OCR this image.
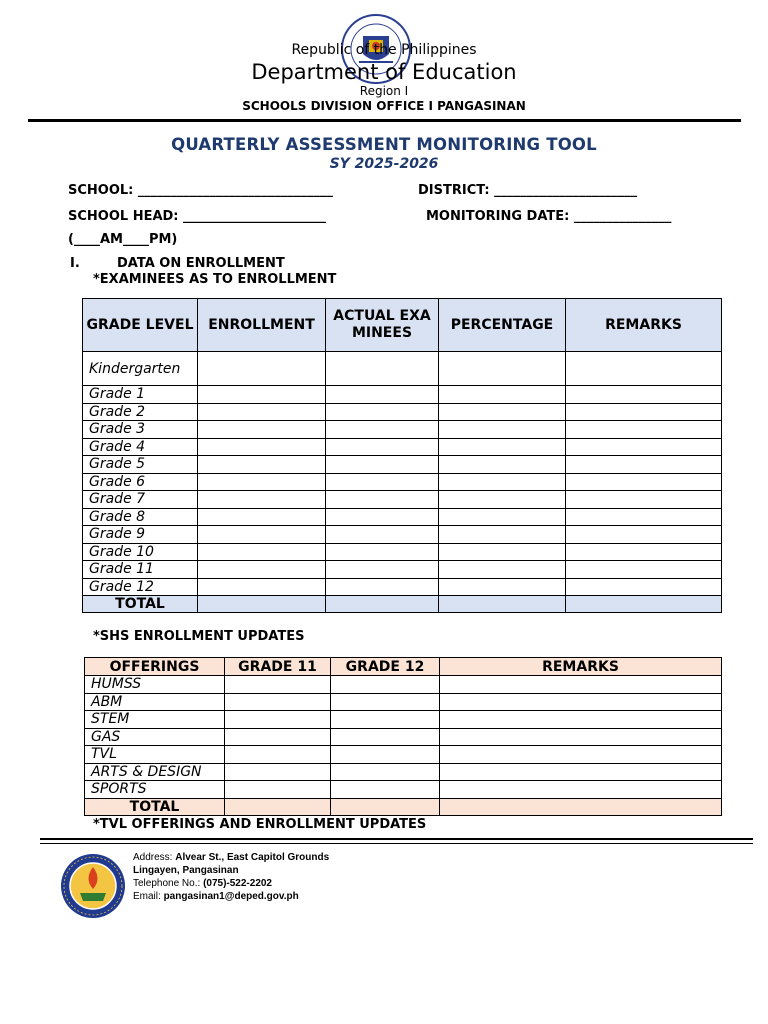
Republic of the Philippines
Department of Education
Region I
SCHOOLS DIVISION OFFICE I PANGASINAN
QUARTERLY ASSESSMENT MONITORING TOOL
SY 2025-2026
SCHOOL: ______________________________	DISTRICT: ______________________
SCHOOL HEAD: ______________________	MONITORING DATE: _______________
(____AM____PM)
I.	DATA ON ENROLLMENT
*EXAMINEES AS TO ENROLLMENT
GRADE LEVEL	ENROLLMENT	ACTUAL EXAMINEES	PERCENTAGE	REMARKS
Kindergarten				
Grade 1				
Grade 2				
Grade 3				
Grade 4				
Grade 5				
Grade 6				
Grade 7				
Grade 8				
Grade 9				
Grade 10				
Grade 11				
Grade 12				
TOTAL				
*SHS ENROLLMENT UPDATES
OFFERINGS	GRADE 11	GRADE 12	REMARKS
HUMSS			
ABM			
STEM			
GAS			
TVL			
ARTS & DESIGN			
SPORTS			
TOTAL			
*TVL OFFERINGS AND ENROLLMENT UPDATES
Address: Alvear St., East Capitol Grounds
Lingayen, Pangasinan
Telephone No.: (075)-522-2202
Email: pangasinan1@deped.gov.ph
